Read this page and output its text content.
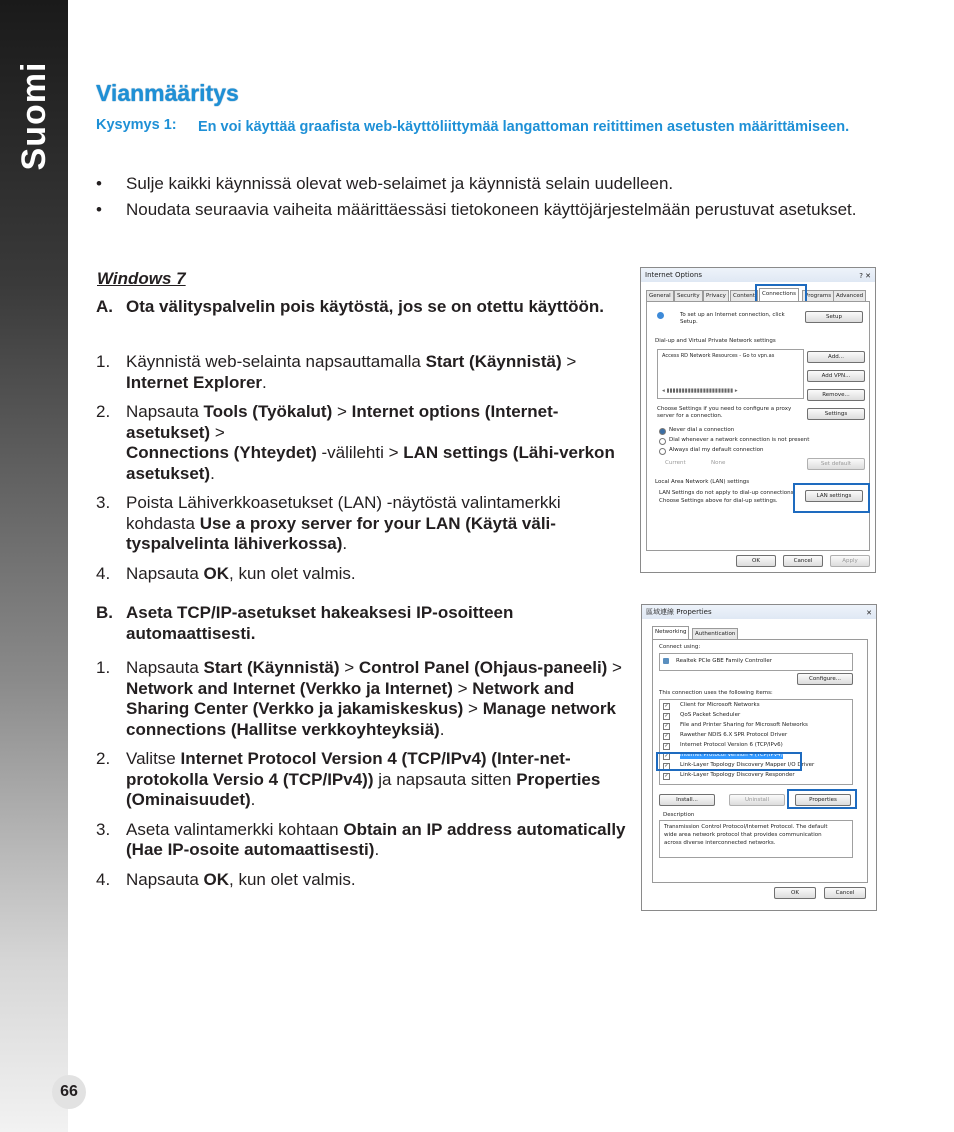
Suomi
66
Vianmääritys
Kysymys 1: En voi käyttää graafista web-käyttöliittymää langattoman reitittimen asetusten määrittämiseen.
• Sulje kaikki käynnissä olevat web-selaimet ja käynnistä selain uudelleen.
• Noudata seuraavia vaiheita määrittäessäsi tietokoneen käyttöjärjestelmään perustuvat asetukset.
Windows 7
A. Ota välityspalvelin pois käytöstä, jos se on otettu käyttöön.
1. Käynnistä web-selainta napsauttamalla Start (Käynnistä) > Internet Explorer.
2. Napsauta Tools (Työkalut) > Internet options (Internet-asetukset) >
Connections (Yhteydet) -välilehti > LAN settings (Lähi-verkon asetukset).
3. Poista Lähiverkkoasetukset (LAN) -näytöstä valintamerkki kohdasta Use a proxy server for your LAN (Käytä väli-tyspalvelinta lähiverkossa).
4. Napsauta OK, kun olet valmis.
B. Aseta TCP/IP-asetukset hakeaksesi IP-osoitteen automaattisesti.
1. Napsauta Start (Käynnistä) > Control Panel (Ohjaus-paneeli) > Network and Internet (Verkko ja Internet) > Network and Sharing Center (Verkko ja jakamiskeskus) > Manage network connections (Hallitse verkkoyhteyksiä).
2. Valitse Internet Protocol Version 4 (TCP/IPv4) (Inter-net-protokolla Versio 4 (TCP/IPv4)) ja napsauta sitten Properties (Ominaisuudet).
3. Aseta valintamerkki kohtaan Obtain an IP address automatically (Hae IP-osoite automaattisesti).
4. Napsauta OK, kun olet valmis.
Internet Options	? ✕
General	Security	Privacy	Content	Connections	Programs Advanced
To set up an Internet connection, click Setup.
Setup
Dial-up and Virtual Private Network settings
Access RD Network Resources - Go to vpn.as
◂ ▮▮▮▮▮▮▮▮▮▮▮▮▮▮▮▮▮▮▮▮▮▮ ▸
Add...
Add VPN...
Remove...
Choose Settings if you need to configure a proxy server for a connection.	Settings
Never dial a connection
Dial whenever a network connection is not present
Always dial my default connection
Current	None	Set default
Local Area Network (LAN) settings
LAN Settings do not apply to dial-up connections.
Choose Settings above for dial-up settings.
LAN settings
OK	Cancel	Apply
區域連線 Properties	✕
Networking	Authentication
Connect using:
Realtek PCIe GBE Family Controller
Configure...
This connection uses the following items:
✓ Client for Microsoft Networks
✓ QoS Packet Scheduler
✓ File and Printer Sharing for Microsoft Networks
✓ Rawether NDIS 6.X SPR Protocol Driver
✓ Internet Protocol Version 6 (TCP/IPv6)
✓ Internet Protocol Version 4 (TCP/IPv4)
✓ Link-Layer Topology Discovery Mapper I/O Driver
✓ Link-Layer Topology Discovery Responder
Install...	Uninstall	Properties
Description
Transmission Control Protocol/Internet Protocol. The default
wide area network protocol that provides communication
across diverse interconnected networks.
OK	Cancel
